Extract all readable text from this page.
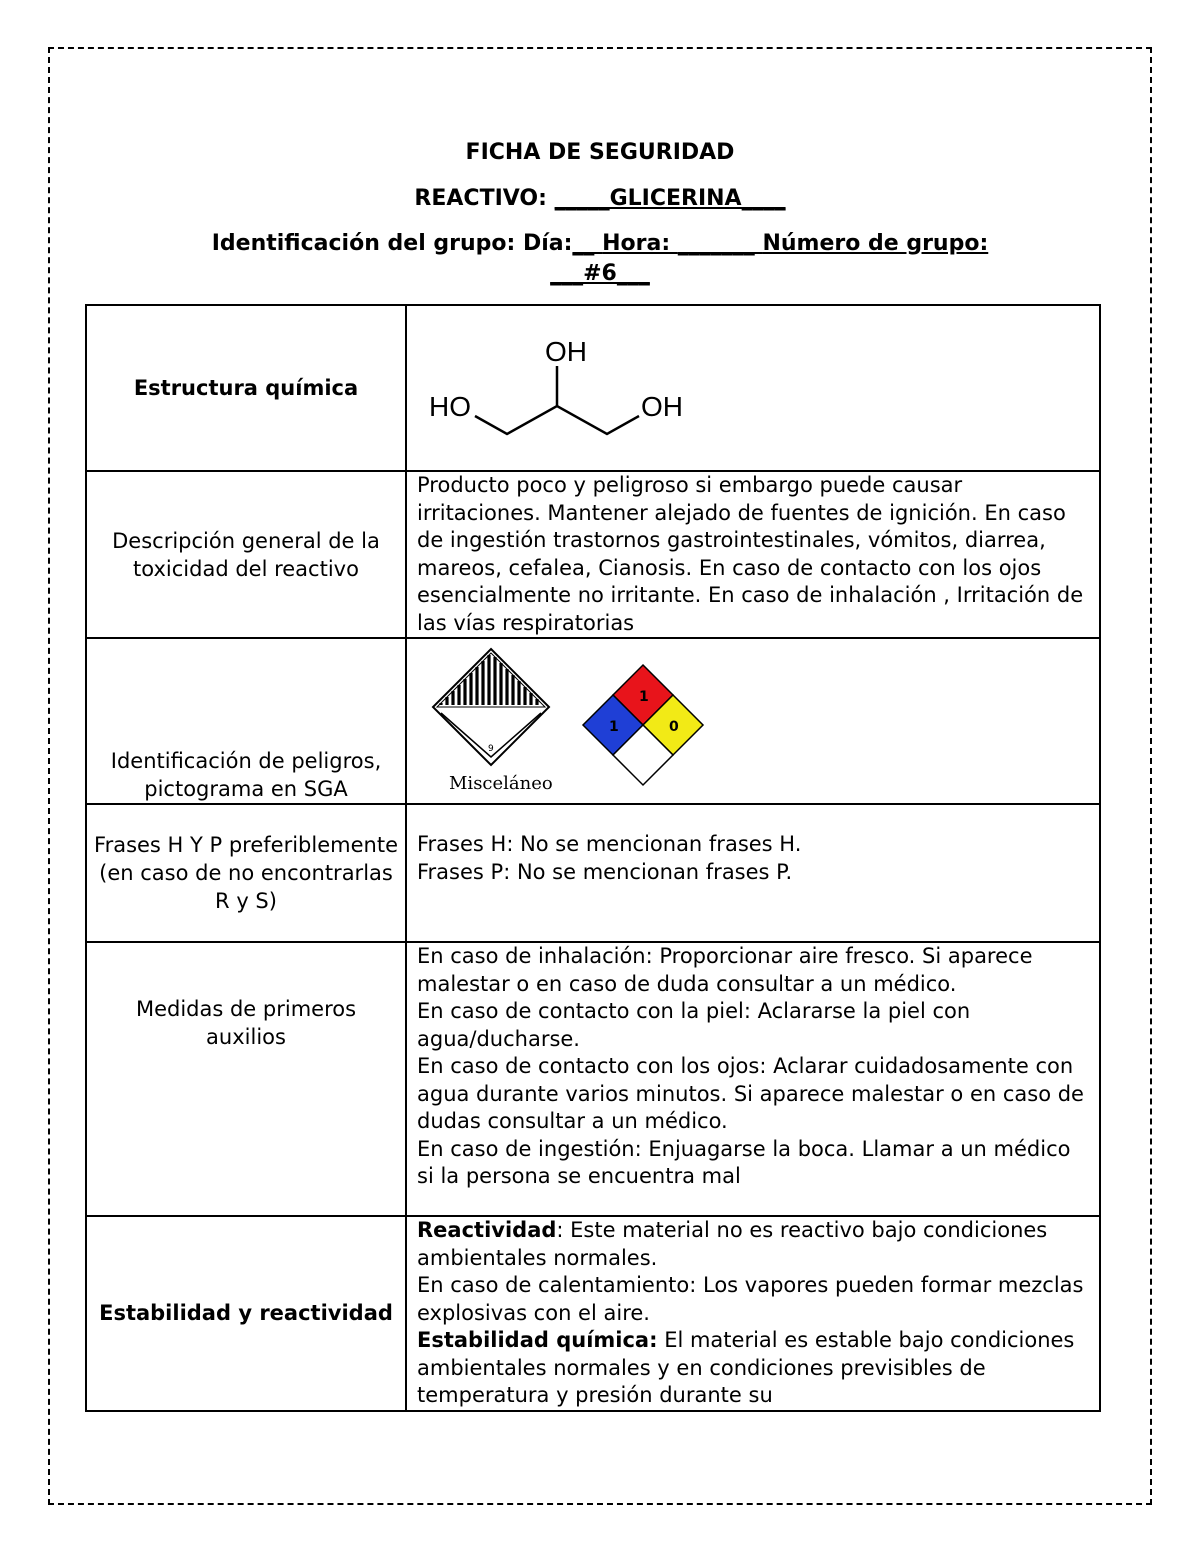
FICHA DE SEGURIDAD
REACTIVO: _____GLICERINA____
Identificación del grupo: Día:__ Hora: _______ Número de grupo:
___#6___
Estructura química	OH
HO OH

Descripción general de la toxicidad del reactivo	Producto poco y peligroso si embargo puede causar irritaciones. Mantener alejado de fuentes de ignición. En caso de ingestión trastornos gastrointestinales, vómitos, diarrea, mareos, cefalea, Cianosis. En caso de contacto con los ojos esencialmente no irritante. En caso de inhalación , Irritación de las vías respiratorias
Identificación de peligros, pictograma en SGA	9
Misceláneo
1
1 0

Frases H Y P preferiblemente (en caso de no encontrarlas R y S)	Frases H: No se mencionan frases H.

Frases P: No se mencionan frases P.

Medidas de primeros auxilios	En caso de inhalación: Proporcionar aire fresco. Si aparece malestar o en caso de duda consultar a un médico.

En caso de contacto con la piel: Aclararse la piel con agua/ducharse.

En caso de contacto con los ojos: Aclarar cuidadosamente con agua durante varios minutos. Si aparece malestar o en caso de dudas consultar a un médico.

En caso de ingestión: Enjuagarse la boca. Llamar a un médico si la persona se encuentra mal

Estabilidad y reactividad	Reactividad: Este material no es reactivo bajo condiciones ambientales normales.

En caso de calentamiento: Los vapores pueden formar mezclas explosivas con el aire.

Estabilidad química: El material es estable bajo condiciones ambientales normales y en condiciones previsibles de temperatura y presión durante su
